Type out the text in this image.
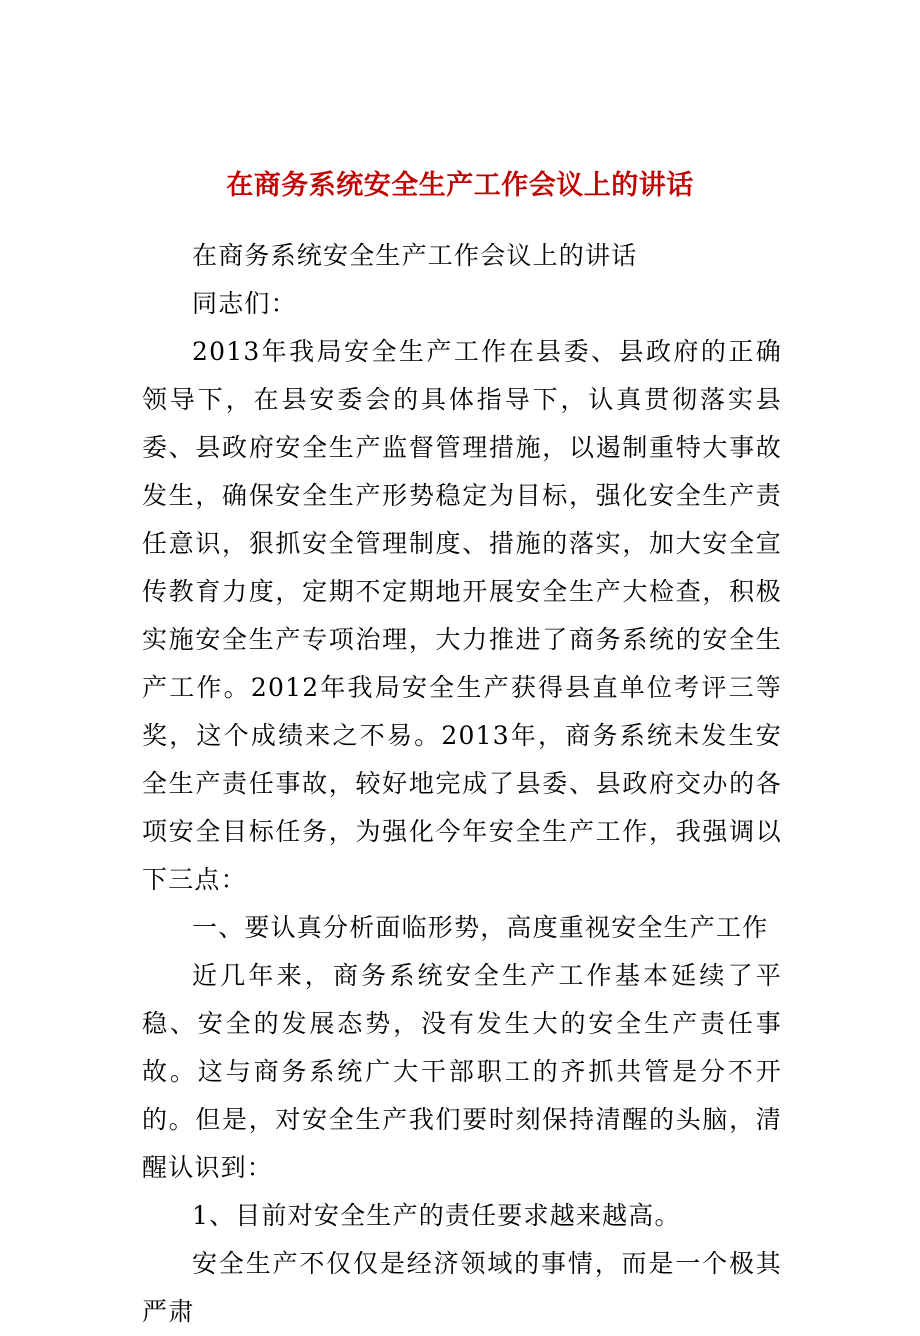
在商务系统安全生产工作会议上的讲话

在商务系统安全生产工作会议上的讲话

同志们：

2013年我局安全生产工作在县委、县政府的正确领导下，在县安委会的具体指导下，认真贯彻落实县委、县政府安全生产监督管理措施，以遏制重特大事故发生，确保安全生产形势稳定为目标，强化安全生产责任意识，狠抓安全管理制度、措施的落实，加大安全宣传教育力度，定期不定期地开展安全生产大检查，积极实施安全生产专项治理，大力推进了商务系统的安全生产工作。2012年我局安全生产获得县直单位考评三等奖，这个成绩来之不易。2013年，商务系统未发生安全生产责任事故，较好地完成了县委、县政府交办的各项安全目标任务，为强化今年安全生产工作，我强调以下三点：

一、要认真分析面临形势，高度重视安全生产工作

近几年来，商务系统安全生产工作基本延续了平稳、安全的发展态势，没有发生大的安全生产责任事故。这与商务系统广大干部职工的齐抓共管是分不开的。但是，对安全生产我们要时刻保持清醒的头脑，清醒认识到：

1、目前对安全生产的责任要求越来越高。

安全生产不仅仅是经济领域的事情，而是一个极其严肃
